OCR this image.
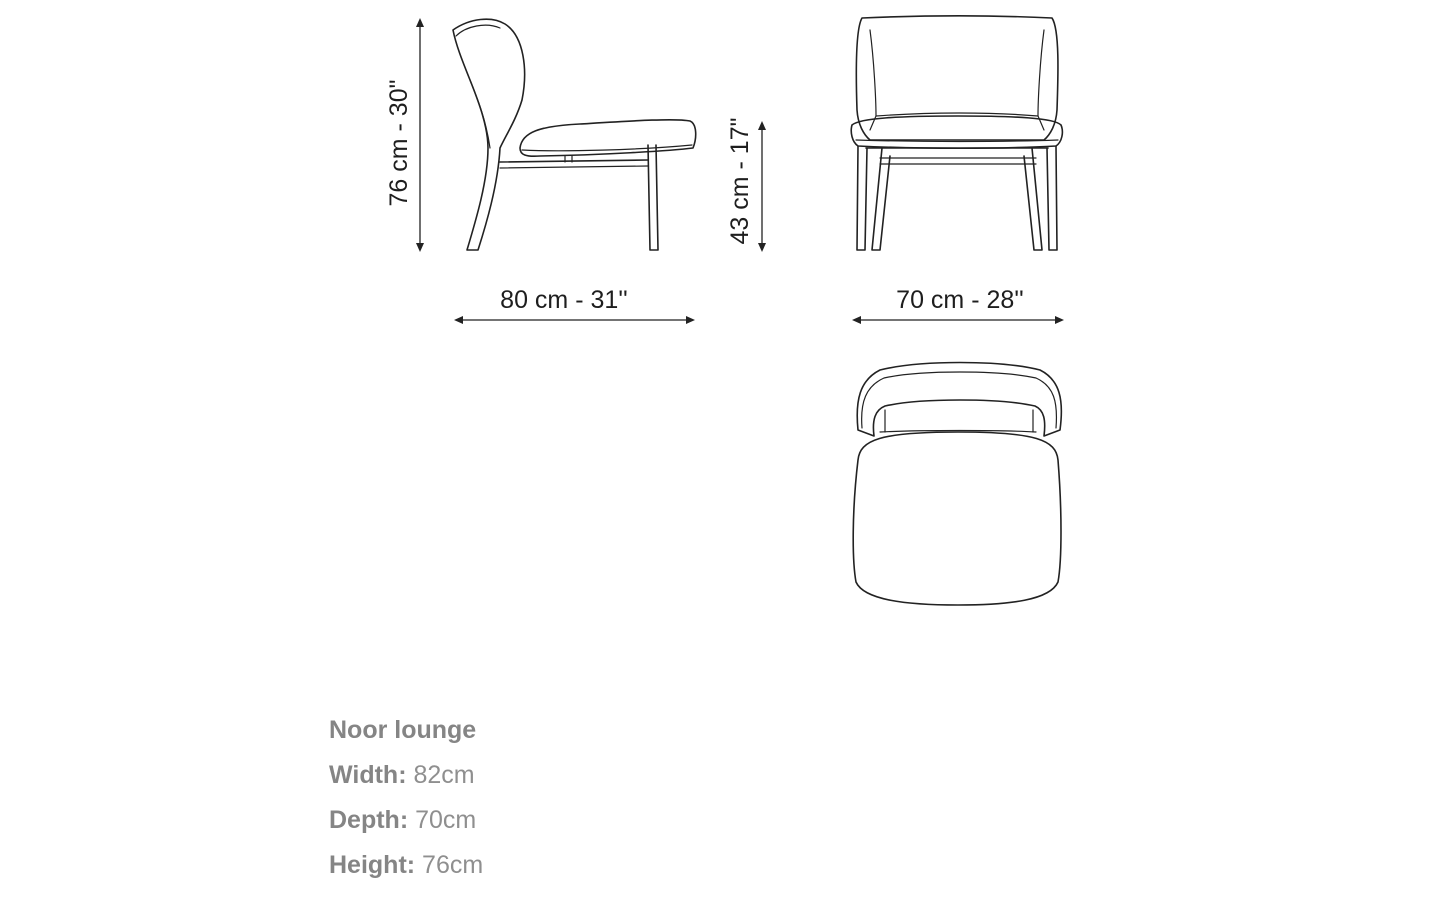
76 cm - 30"	43 cm - 17"
80 cm - 31''	70 cm - 28''
Noor lounge
Width: 82cm
Depth: 70cm
Height: 76cm
